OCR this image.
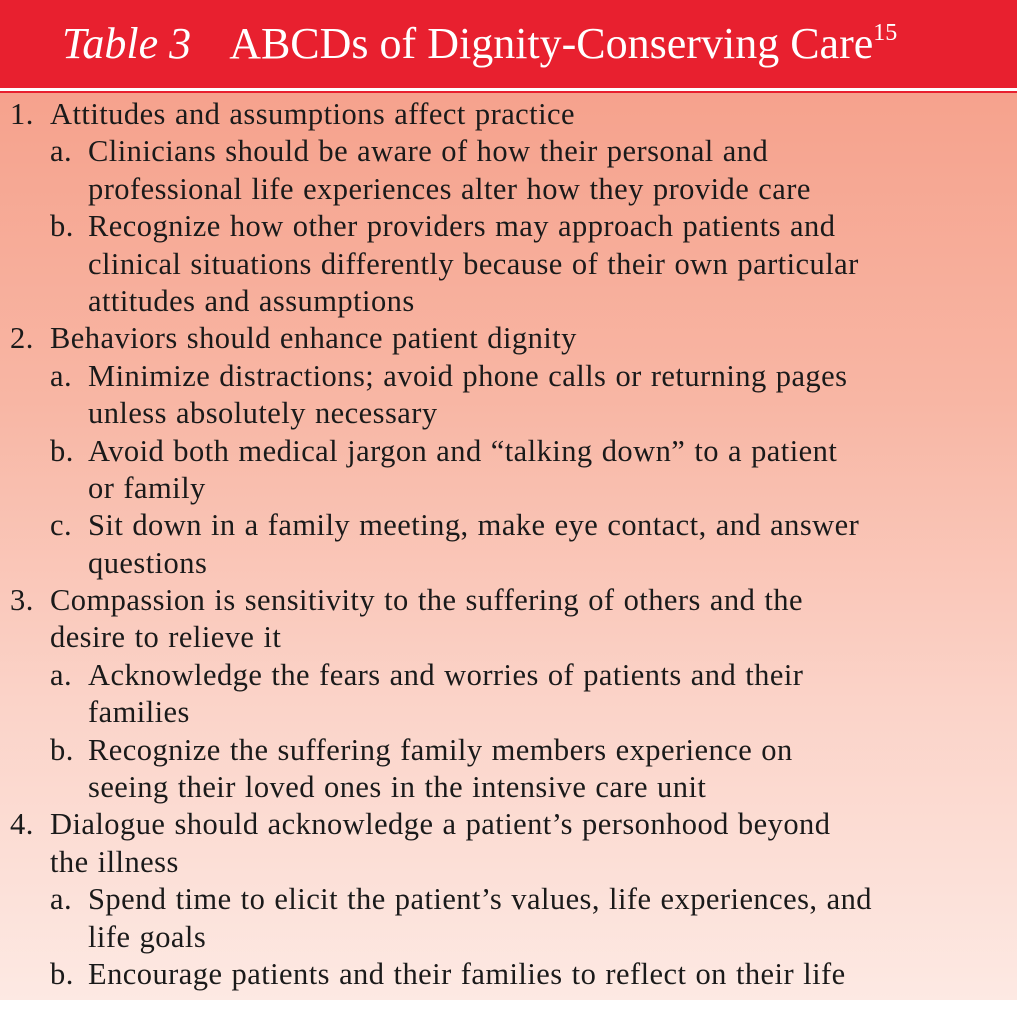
Table 3 ABCDs of Dignity-Conserving Care$^{15}$
1. Attitudes and assumptions affect practice
a. Clinicians should be aware of how their personal and
professional life experiences alter how they provide care
b. Recognize how other providers may approach patients and
clinical situations differently because of their own particular
attitudes and assumptions
2. Behaviors should enhance patient dignity
a. Minimize distractions; avoid phone calls or returning pages
unless absolutely necessary
b. Avoid both medical jargon and “talking down” to a patient
or family
c. Sit down in a family meeting, make eye contact, and answer
questions
3. Compassion is sensitivity to the suffering of others and the
desire to relieve it
a. Acknowledge the fears and worries of patients and their
families
b. Recognize the suffering family members experience on
seeing their loved ones in the intensive care unit
4. Dialogue should acknowledge a patient’s personhood beyond
the illness
a. Spend time to elicit the patient’s values, life experiences, and
life goals
b. Encourage patients and their families to reflect on their life
